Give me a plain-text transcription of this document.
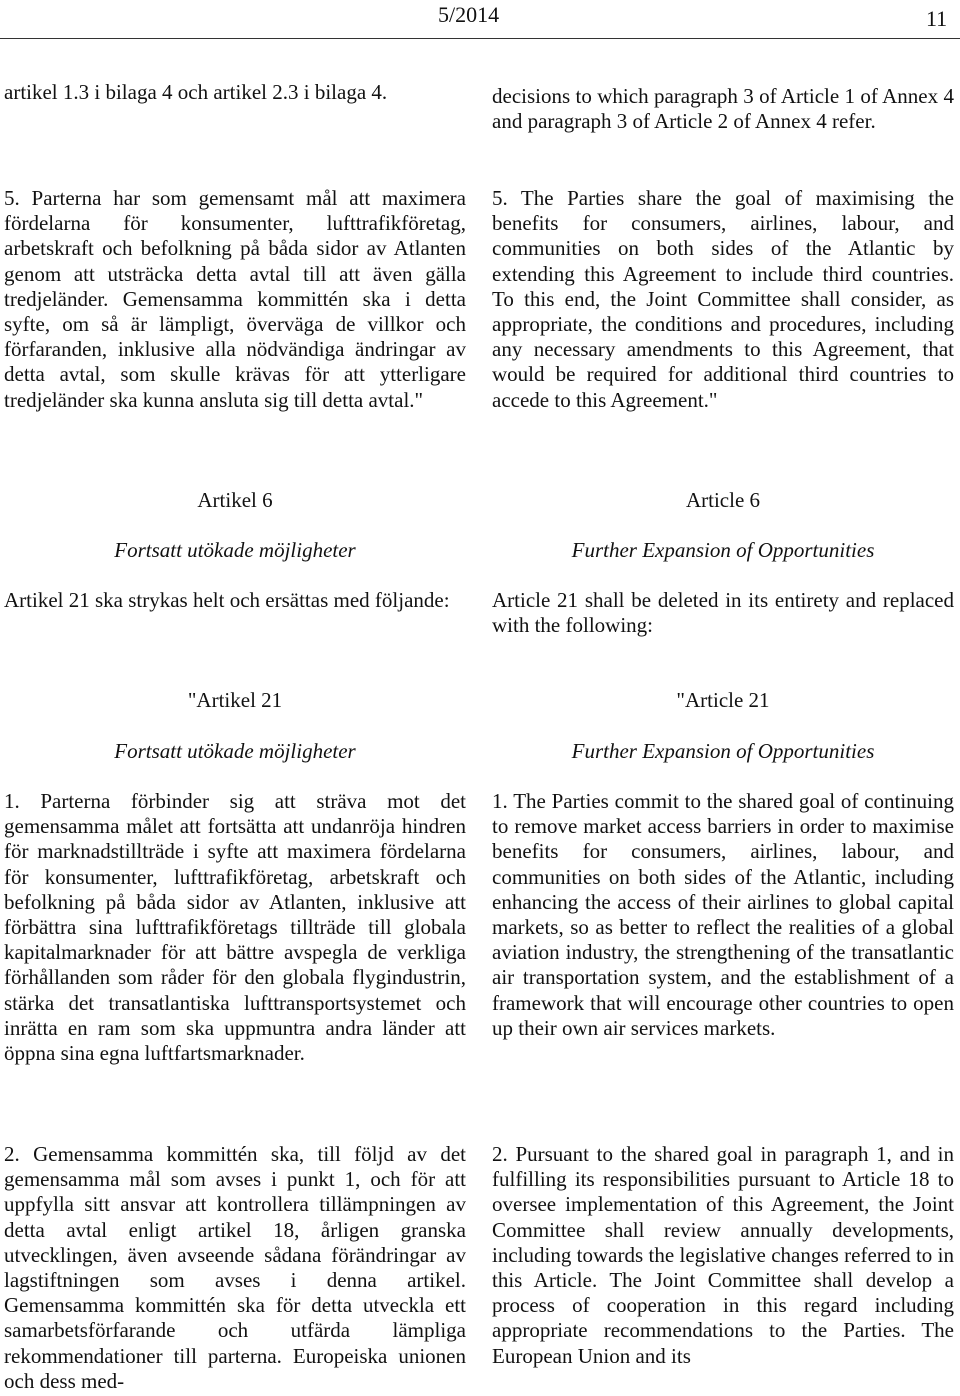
5/2014	11

artikel 1.3 i bilaga 4 och artikel 2.3 i bilaga 4.

5. Parterna har som gemensamt mål att maximera fördelarna för konsumenter, lufttrafikföretag, arbetskraft och befolkning på båda sidor av Atlanten genom att utsträcka detta avtal till att även gälla tredjeländer. Gemensamma kommittén ska i detta syfte, om så är lämpligt, överväga de villkor och förfaranden, inklusive alla nödvändiga ändringar av detta avtal, som skulle krävas för att ytterligare tredjeländer ska kunna ansluta sig till detta avtal."

Artikel 6

Fortsatt utökade möjligheter

Artikel 21 ska strykas helt och ersättas med följande:

"Artikel 21

Fortsatt utökade möjligheter

1. Parterna förbinder sig att sträva mot det gemensamma målet att fortsätta att undanröja hindren för marknadstillträde i syfte att maximera fördelarna för konsumenter, lufttrafikföretag, arbetskraft och befolkning på båda sidor av Atlanten, inklusive att förbättra sina lufttrafikföretags tillträde till globala kapitalmarknader för att bättre avspegla de verkliga förhållanden som råder för den globala flygindustrin, stärka det transatlantiska lufttransportsystemet och inrätta en ram som ska uppmuntra andra länder att öppna sina egna luftfartsmarknader.

2. Gemensamma kommittén ska, till följd av det gemensamma mål som avses i punkt 1, och för att uppfylla sitt ansvar att kontrollera tillämpningen av detta avtal enligt artikel 18, årligen granska utvecklingen, även avseende sådana förändringar av lagstiftningen som avses i denna artikel. Gemensamma kommittén ska för detta utveckla ett samarbetsförfarande och utfärda lämpliga rekommendationer till parterna. Europeiska unionen och dess med-

decisions to which paragraph 3 of Article 1 of Annex 4 and paragraph 3 of Article 2 of Annex 4 refer.

5. The Parties share the goal of maximising the benefits for consumers, airlines, labour, and communities on both sides of the Atlantic by extending this Agreement to include third countries. To this end, the Joint Committee shall consider, as appropriate, the conditions and procedures, including any necessary amendments to this Agreement, that would be required for additional third countries to accede to this Agreement."

Article 6

Further Expansion of Opportunities

Article 21 shall be deleted in its entirety and replaced with the following:

"Article 21

Further Expansion of Opportunities

1. The Parties commit to the shared goal of continuing to remove market access barriers in order to maximise benefits for consumers, airlines, labour, and communities on both sides of the Atlantic, including enhancing the access of their airlines to global capital markets, so as better to reflect the realities of a global aviation industry, the strengthening of the transatlantic air transportation system, and the establishment of a framework that will encourage other countries to open up their own air services markets.

2. Pursuant to the shared goal in paragraph 1, and in fulfilling its responsibilities pursuant to Article 18 to oversee implementation of this Agreement, the Joint Committee shall review annually developments, including towards the legislative changes referred to in this Article. The Joint Committee shall develop a process of cooperation in this regard including appropriate recommendations to the Parties. The European Union and its
